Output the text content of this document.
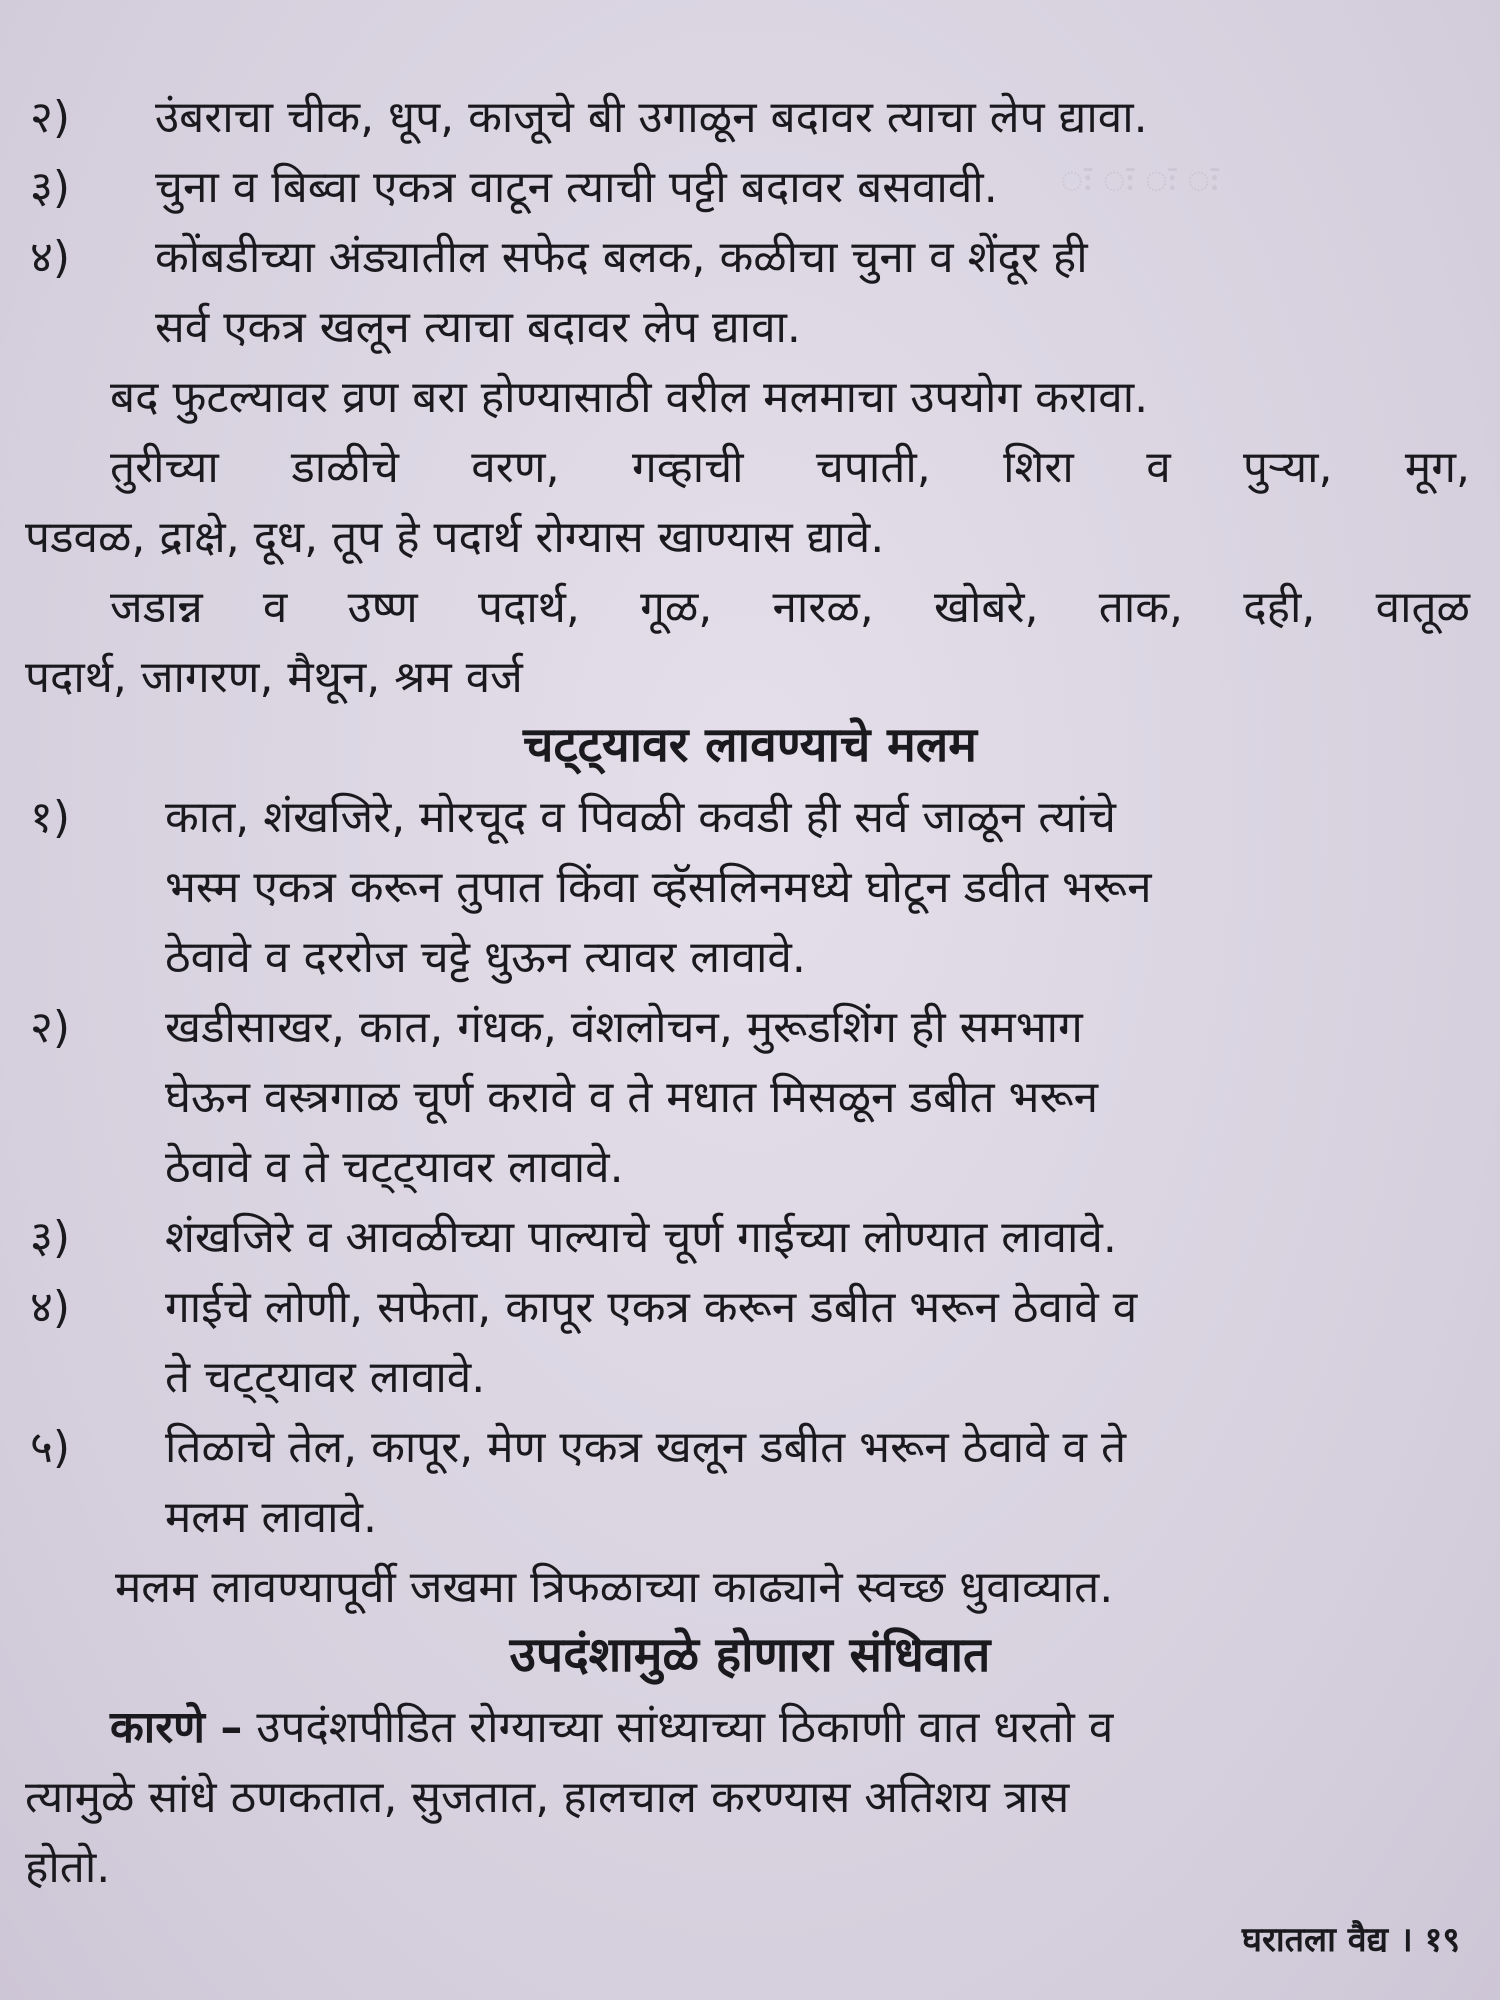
ः ः ः ः
२) उंबराचा चीक, धूप, काजूचे बी उगाळून बदावर त्याचा लेप द्यावा.
३) चुना व बिब्वा एकत्र वाटून त्याची पट्टी बदावर बसवावी.
४) कोंबडीच्या अंड्यातील सफेद बलक, कळीचा चुना व शेंदूर ही
सर्व एकत्र खलून त्याचा बदावर लेप द्यावा.
बद फुटल्यावर व्रण बरा होण्यासाठी वरील मलमाचा उपयोग करावा.
तुरीच्या डाळीचे वरण, गव्हाची चपाती, शिरा व पुऱ्या, मूग,
पडवळ, द्राक्षे, दूध, तूप हे पदार्थ रोग्यास खाण्यास द्यावे.
जडान्न व उष्ण पदार्थ, गूळ, नारळ, खोबरे, ताक, दही, वातूळ
पदार्थ, जागरण, मैथून, श्रम वर्ज
चट्ट्यावर लावण्याचे मलम
१) कात, शंखजिरे, मोरचूद व पिवळी कवडी ही सर्व जाळून त्यांचे
भस्म एकत्र करून तुपात किंवा व्हॅसलिनमध्ये घोटून डवीत भरून
ठेवावे व दररोज चट्टे धुऊन त्यावर लावावे.
२) खडीसाखर, कात, गंधक, वंशलोचन, मुरूडशिंग ही समभाग
घेऊन वस्त्रगाळ चूर्ण करावे व ते मधात मिसळून डबीत भरून
ठेवावे व ते चट्ट्यावर लावावे.
३) शंखजिरे व आवळीच्या पाल्याचे चूर्ण गाईच्या लोण्यात लावावे.
४) गाईचे लोणी, सफेता, कापूर एकत्र करून डबीत भरून ठेवावे व
ते चट्ट्यावर लावावे.
५) तिळाचे तेल, कापूर, मेण एकत्र खलून डबीत भरून ठेवावे व ते
मलम लावावे.
मलम लावण्यापूर्वी जखमा त्रिफळाच्या काढ्याने स्वच्छ धुवाव्यात.
उपदंशामुळे होणारा संधिवात
कारणे – उपदंशपीडित रोग्याच्या सांध्याच्या ठिकाणी वात धरतो व
त्यामुळे सांधे ठणकतात, सुजतात, हालचाल करण्यास अतिशय त्रास
होतो.
घरातला वैद्य । १९
